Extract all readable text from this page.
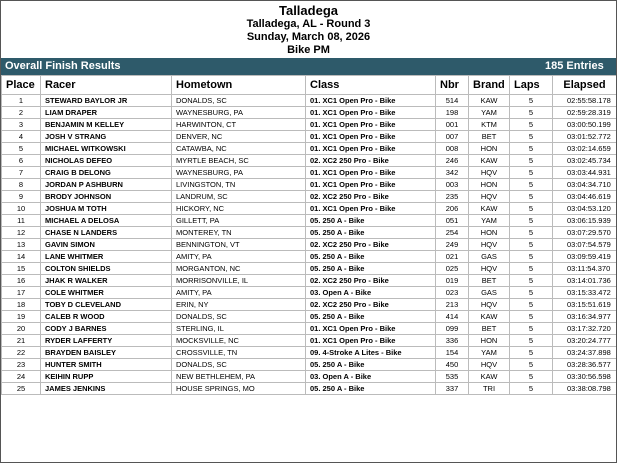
Talladega
Talladega, AL - Round 3
Sunday, March 08, 2026
Bike PM
Overall Finish Results	185 Entries
Place	Racer	Hometown	Class	Nbr	Brand	Laps	Elapsed
1	STEWARD BAYLOR JR	DONALDS, SC	01. XC1 Open Pro - Bike	514	KAW	5	02:55:58.178
2	LIAM DRAPER	WAYNESBURG, PA	01. XC1 Open Pro - Bike	198	YAM	5	02:59:28.319
3	BENJAMIN M KELLEY	HARWINTON, CT	01. XC1 Open Pro - Bike	001	KTM	5	03:00:50.199
4	JOSH V STRANG	DENVER, NC	01. XC1 Open Pro - Bike	007	BET	5	03:01:52.772
5	MICHAEL WITKOWSKI	CATAWBA, NC	01. XC1 Open Pro - Bike	008	HON	5	03:02:14.659
6	NICHOLAS DEFEO	MYRTLE BEACH, SC	02. XC2 250 Pro - Bike	246	KAW	5	03:02:45.734
7	CRAIG B DELONG	WAYNESBURG, PA	01. XC1 Open Pro - Bike	342	HQV	5	03:03:44.931
8	JORDAN P ASHBURN	LIVINGSTON, TN	01. XC1 Open Pro - Bike	003	HON	5	03:04:34.710
9	BRODY JOHNSON	LANDRUM, SC	02. XC2 250 Pro - Bike	235	HQV	5	03:04:46.619
10	JOSHUA M TOTH	HICKORY, NC	01. XC1 Open Pro - Bike	206	KAW	5	03:04:53.120
11	MICHAEL A DELOSA	GILLETT, PA	05. 250 A - Bike	051	YAM	5	03:06:15.939
12	CHASE N LANDERS	MONTEREY, TN	05. 250 A - Bike	254	HON	5	03:07:29.570
13	GAVIN SIMON	BENNINGTON, VT	02. XC2 250 Pro - Bike	249	HQV	5	03:07:54.579
14	LANE WHITMER	AMITY, PA	05. 250 A - Bike	021	GAS	5	03:09:59.419
15	COLTON SHIELDS	MORGANTON, NC	05. 250 A - Bike	025	HQV	5	03:11:54.370
16	JHAK R WALKER	MORRISONVILLE, IL	02. XC2 250 Pro - Bike	019	BET	5	03:14:01.736
17	COLE WHITMER	AMITY, PA	03. Open A - Bike	023	GAS	5	03:15:33.472
18	TOBY D CLEVELAND	ERIN, NY	02. XC2 250 Pro - Bike	213	HQV	5	03:15:51.619
19	CALEB R WOOD	DONALDS, SC	05. 250 A - Bike	414	KAW	5	03:16:34.977
20	CODY J BARNES	STERLING, IL	01. XC1 Open Pro - Bike	099	BET	5	03:17:32.720
21	RYDER LAFFERTY	MOCKSVILLE, NC	01. XC1 Open Pro - Bike	336	HON	5	03:20:24.777
22	BRAYDEN BAISLEY	CROSSVILLE, TN	09. 4-Stroke A Lites - Bike	154	YAM	5	03:24:37.898
23	HUNTER SMITH	DONALDS, SC	05. 250 A - Bike	450	HQV	5	03:28:36.577
24	KEIHIN RUPP	NEW BETHLEHEM, PA	03. Open A - Bike	535	KAW	5	03:30:56.598
25	JAMES JENKINS	HOUSE SPRINGS, MO	05. 250 A - Bike	337	TRI	5	03:38:08.798
